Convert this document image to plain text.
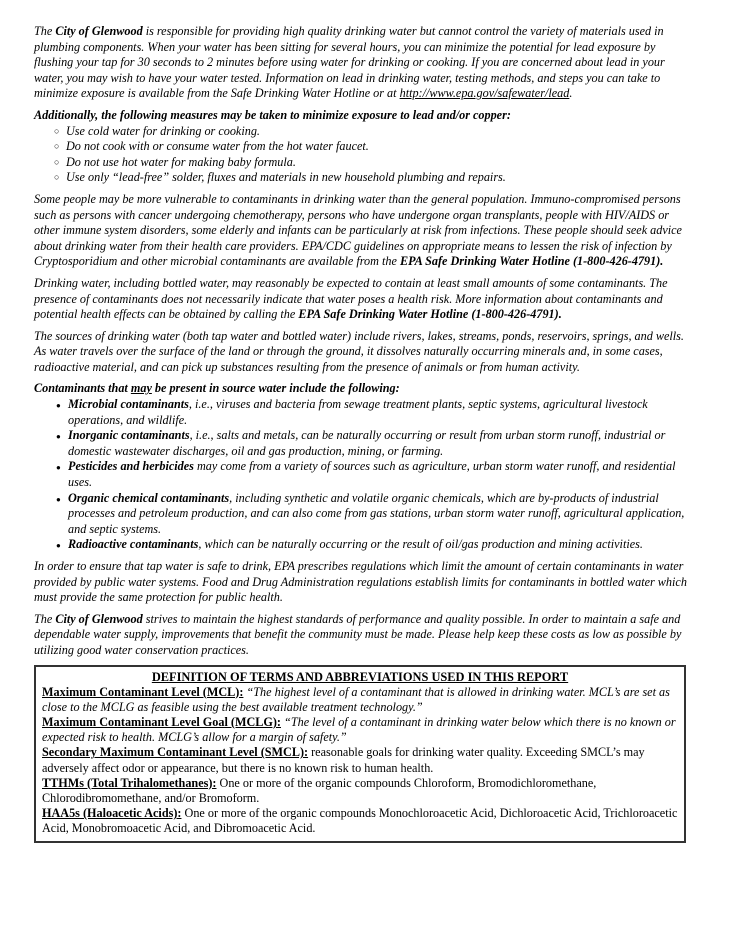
The City of Glenwood is responsible for providing high quality drinking water but cannot control the variety of materials used in plumbing components. When your water has been sitting for several hours, you can minimize the potential for lead exposure by flushing your tap for 30 seconds to 2 minutes before using water for drinking or cooking. If you are concerned about lead in your water, you may wish to have your water tested. Information on lead in drinking water, testing methods, and steps you can take to minimize exposure is available from the Safe Drinking Water Hotline or at http://www.epa.gov/safewater/lead.

Additionally, the following measures may be taken to minimize exposure to lead and/or copper:

○ Use cold water for drinking or cooking.
○ Do not cook with or consume water from the hot water faucet.
○ Do not use hot water for making baby formula.
○ Use only “lead-free” solder, fluxes and materials in new household plumbing and repairs.

Some people may be more vulnerable to contaminants in drinking water than the general population. Immuno-compromised persons such as persons with cancer undergoing chemotherapy, persons who have undergone organ transplants, people with HIV/AIDS or other immune system disorders, some elderly and infants can be particularly at risk from infections. These people should seek advice about drinking water from their health care providers. EPA/CDC guidelines on appropriate means to lessen the risk of infection by Cryptosporidium and other microbial contaminants are available from the EPA Safe Drinking Water Hotline (1-800-426-4791).

Drinking water, including bottled water, may reasonably be expected to contain at least small amounts of some contaminants. The presence of contaminants does not necessarily indicate that water poses a health risk. More information about contaminants and potential health effects can be obtained by calling the EPA Safe Drinking Water Hotline (1-800-426-4791).

The sources of drinking water (both tap water and bottled water) include rivers, lakes, streams, ponds, reservoirs, springs, and wells. As water travels over the surface of the land or through the ground, it dissolves naturally occurring minerals and, in some cases, radioactive material, and can pick up substances resulting from the presence of animals or from human activity.

Contaminants that may be present in source water include the following:

● Microbial contaminants, i.e., viruses and bacteria from sewage treatment plants, septic systems, agricultural livestock operations, and wildlife.
● Inorganic contaminants, i.e., salts and metals, can be naturally occurring or result from urban storm runoff, industrial or domestic wastewater discharges, oil and gas production, mining, or farming.
● Pesticides and herbicides may come from a variety of sources such as agriculture, urban storm water runoff, and residential uses.
● Organic chemical contaminants, including synthetic and volatile organic chemicals, which are by-products of industrial processes and petroleum production, and can also come from gas stations, urban storm water runoff, agricultural application, and septic systems.
● Radioactive contaminants, which can be naturally occurring or the result of oil/gas production and mining activities.

In order to ensure that tap water is safe to drink, EPA prescribes regulations which limit the amount of certain contaminants in water provided by public water systems. Food and Drug Administration regulations establish limits for contaminants in bottled water which must provide the same protection for public health.

The City of Glenwood strives to maintain the highest standards of performance and quality possible. In order to maintain a safe and dependable water supply, improvements that benefit the community must be made. Please help keep these costs as low as possible by utilizing good water conservation practices.

DEFINITION OF TERMS AND ABBREVIATIONS USED IN THIS REPORT

Maximum Contaminant Level (MCL): “The highest level of a contaminant that is allowed in drinking water. MCL’s are set as close to the MCLG as feasible using the best available treatment technology.”

Maximum Contaminant Level Goal (MCLG): “The level of a contaminant in drinking water below which there is no known or expected risk to health. MCLG’s allow for a margin of safety.”

Secondary Maximum Contaminant Level (SMCL): reasonable goals for drinking water quality. Exceeding SMCL’s may adversely affect odor or appearance, but there is no known risk to human health.

TTHMs (Total Trihalomethanes): One or more of the organic compounds Chloroform, Bromodichloromethane, Chlorodibromomethane, and/or Bromoform.

HAA5s (Haloacetic Acids): One or more of the organic compounds Monochloroacetic Acid, Dichloroacetic Acid, Trichloroacetic Acid, Monobromoacetic Acid, and Dibromoacetic Acid.
